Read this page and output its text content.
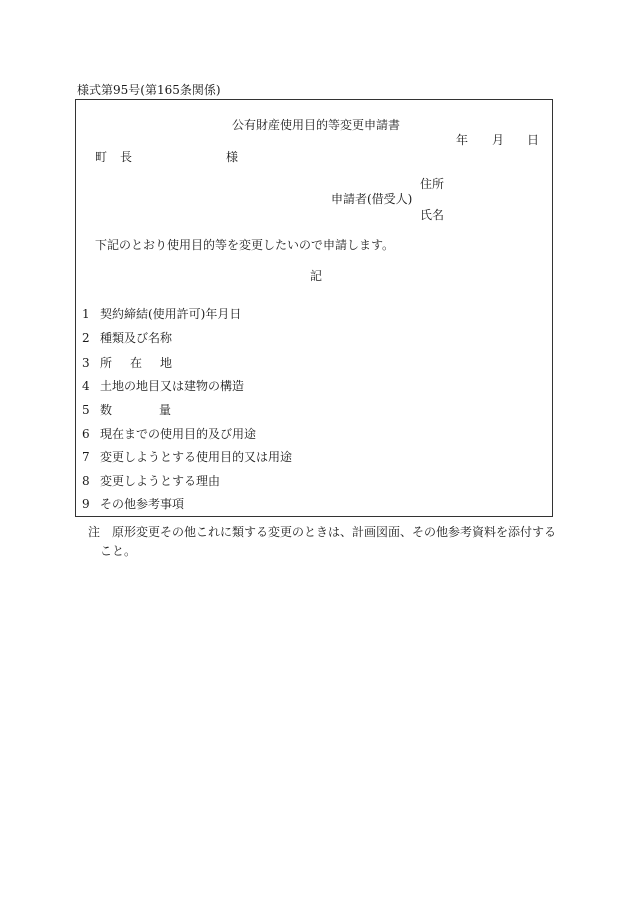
様式第95号(第165条関係)
公有財産使用目的等変更申請書
年 月 日
町 長	様
住所
申請者(借受人)
氏名
下記のとおり使用目的等を変更したいので申請します。
記
1 契約締結(使用許可)年月日
2 種類及び名称
3 所 在 地
4 土地の地目又は建物の構造
5 数	量
6 現在までの使用目的及び用途
7 変更しようとする使用目的又は用途
8 変更しようとする理由
9 その他参考事項
注 原形変更その他これに類する変更のときは、計画図面、その他参考資料を添付する
こと。
